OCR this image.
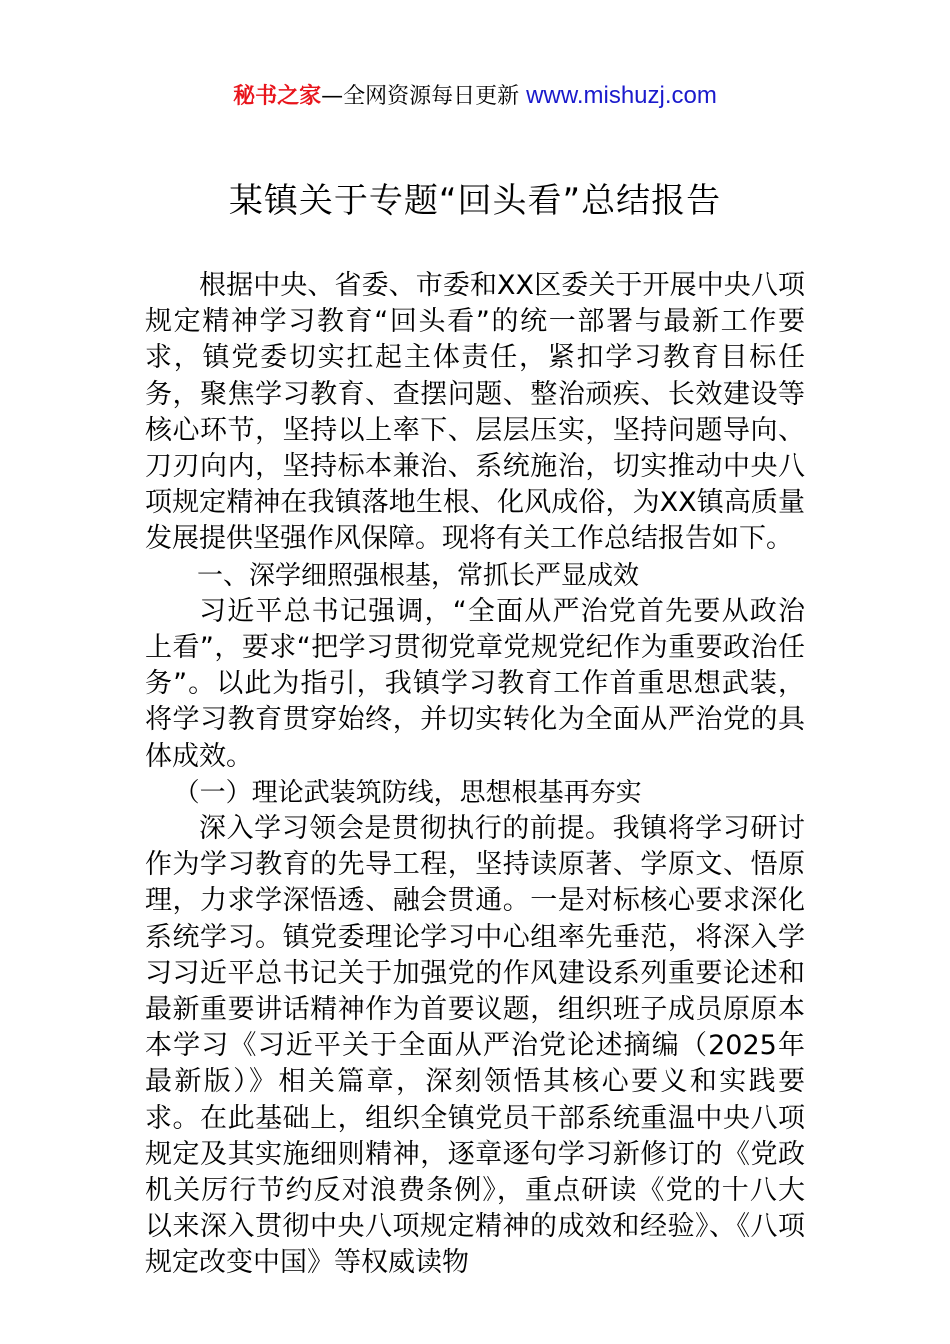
秘书之家—全网资源每日更新 www.mishuzj.com
某镇关于专题“回头看”总结报告

根据中央、省委、市委和XX区委关于开展中央八项规定精神学习教育“回头看”的统一部署与最新工作要求，镇党委切实扛起主体责任，紧扣学习教育目标任务，聚焦学习教育、查摆问题、整治顽疾、长效建设等核心环节，坚持以上率下、层层压实，坚持问题导向、刀刃向内，坚持标本兼治、系统施治，切实推动中央八项规定精神在我镇落地生根、化风成俗，为XX镇高质量发展提供坚强作风保障。现将有关工作总结报告如下。

一、深学细照强根基，常抓长严显成效

习近平总书记强调，“全面从严治党首先要从政治上看”，要求“把学习贯彻党章党规党纪作为重要政治任务”。以此为指引，我镇学习教育工作首重思想武装，将学习教育贯穿始终，并切实转化为全面从严治党的具体成效。

（一）理论武装筑防线，思想根基再夯实

深入学习领会是贯彻执行的前提。我镇将学习研讨作为学习教育的先导工程，坚持读原著、学原文、悟原理，力求学深悟透、融会贯通。一是对标核心要求深化系统学习。镇党委理论学习中心组率先垂范，将深入学习习近平总书记关于加强党的作风建设系列重要论述和最新重要讲话精神作为首要议题，组织班子成员原原本本学习《习近平关于全面从严治党论述摘编（2025年最新版）》相关篇章，深刻领悟其核心要义和实践要求。在此基础上，组织全镇党员干部系统重温中央八项规定及其实施细则精神，逐章逐句学习新修订的《党政机关厉行节约反对浪费条例》，重点研读《党的十八大以来深入贯彻中央八项规定精神的成效和经验》、《八项规定改变中国》等权威读物
